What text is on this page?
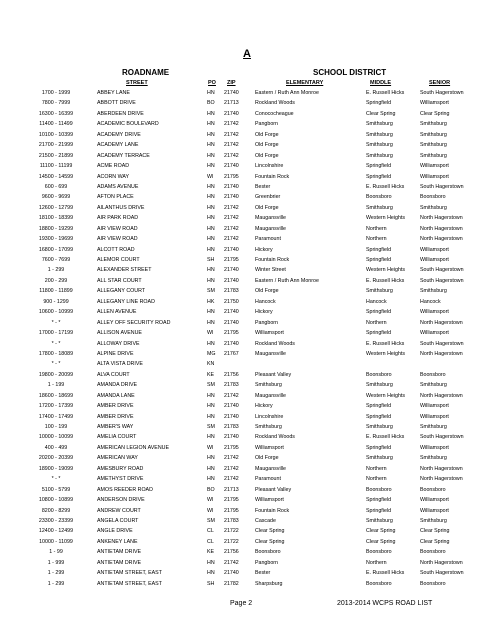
A
ROADNAME	SCHOOL DISTRICT
STREET	PO ZIP	ELEMENTARY	MIDDLE	SENIOR
1700 - 1999	ABBEY LANE	HN 21740	Eastern / Ruth Ann Monroe	E. Russell Hicks	South Hagerstown
7800 - 7999	ABBOTT DRIVE	BO 21713	Rockland Woods	Springfield	Williamsport
16300 - 16399	ABERDEEN DRIVE	HN 21740	Conococheague	Clear Spring	Clear Spring
11400 - 11499	ACADEMIC BOULEVARD	HN 21742	Pangborn	Smithsburg	Smithsburg
10100 - 10399	ACADEMY DRIVE	HN 21742	Old Forge	Smithsburg	Smithsburg
21700 - 21999	ACADEMY LANE	HN 21742	Old Forge	Smithsburg	Smithsburg
21500 - 21899	ACADEMY TERRACE	HN 21742	Old Forge	Smithsburg	Smithsburg
11100 - 11199	ACME ROAD	HN 21740	Lincolnshire	Springfield	Williamsport
14500 - 14599	ACORN WAY	WI 21795	Fountain Rock	Springfield	Williamsport
600 - 699	ADAMS AVENUE	HN 21740	Bester	E. Russell Hicks	South Hagerstown
9600 - 9699	AFTON PLACE	HN 21740	Greenbrier	Boonsboro	Boonsboro
12600 - 12799	AILANTHUS DRIVE	HN 21742	Old Forge	Smithsburg	Smithsburg
18100 - 18399	AIR PARK ROAD	HN 21742	Maugansville	Western Heights	North Hagerstown
18800 - 19299	AIR VIEW ROAD	HN 21742	Maugansville	Northern	North Hagerstown
19300 - 19699	AIR VIEW ROAD	HN 21742	Paramount	Northern	North Hagerstown
16800 - 17099	ALCOTT ROAD	HN 21740	Hickory	Springfield	Williamsport
7600 - 7699	ALEMOR COURT	SH 21795	Fountain Rock	Springfield	Williamsport
1 - 299	ALEXANDER STREET	HN 21740	Winter Street	Western Heights	South Hagerstown
200 - 299	ALL STAR COURT	HN 21740	Eastern / Ruth Ann Monroe	E. Russell Hicks	South Hagerstown
11800 - 11899	ALLEGANY COURT	SM 21783	Old Forge	Smithsburg	Smithsburg
900 - 1299	ALLEGANY LINE ROAD	HK 21750	Hancock	Hancock	Hancock
10600 - 10999	ALLEN AVENUE	HN 21740	Hickory	Springfield	Williamsport
* - *	ALLEY OFF SECURITY ROAD	HN 21740	Pangborn	Northern	North Hagerstown
17000 - 17199	ALLISON AVENUE	WI 21795	Williamsport	Springfield	Williamsport
* - *	ALLOWAY DRIVE	HN 21740	Rockland Woods	E. Russell Hicks	South Hagerstown
17800 - 18089	ALPINE DRIVE	MG 21767	Maugansville	Western Heights	North Hagerstown
* - *	ALTA VISTA DRIVE	KN
19800 - 20099	ALVA COURT	KE 21756	Pleasant Valley	Boonsboro	Boonsboro
1 - 199	AMANDA DRIVE	SM 21783	Smithsburg	Smithsburg	Smithsburg
18600 - 18699	AMANDA LANE	HN 21742	Maugansville	Western Heights	North Hagerstown
17200 - 17399	AMBER DRIVE	HN 21740	Hickory	Springfield	Williamsport
17400 - 17499	AMBER DRIVE	HN 21740	Lincolnshire	Springfield	Williamsport
100 - 199	AMBER'S WAY	SM 21783	Smithsburg	Smithsburg	Smithsburg
10000 - 10099	AMELIA COURT	HN 21740	Rockland Woods	E. Russell Hicks	South Hagerstown
400 - 499	AMERICAN LEGION AVENUE	WI 21795	Williamsport	Springfield	Williamsport
20200 - 20399	AMERICAN WAY	HN 21742	Old Forge	Smithsburg	Smithsburg
18900 - 19099	AMESBURY ROAD	HN 21742	Maugansville	Northern	North Hagerstown
* - *	AMETHYST DRIVE	HN 21742	Paramount	Northern	North Hagerstown
5100 - 5799	AMOS REEDER ROAD	BO 21713	Pleasant Valley	Boonsboro	Boonsboro
10800 - 10899	ANDERSON DRIVE	WI 21795	Williamsport	Springfield	Williamsport
8200 - 8299	ANDREW COURT	WI 21795	Fountain Rock	Springfield	Williamsport
23300 - 23399	ANGELA COURT	SM 21783	Cascade	Smithsburg	Smithsburg
12400 - 12499	ANGLE DRIVE	CL 21722	Clear Spring	Clear Spring	Clear Spring
10000 - 11099	ANKENEY LANE	CL 21722	Clear Spring	Clear Spring	Clear Spring
1 - 99	ANTIETAM DRIVE	KE 21756	Boonsboro	Boonsboro	Boonsboro
1 - 999	ANTIETAM DRIVE	HN 21742	Pangborn	Northern	North Hagerstown
1 - 299	ANTIETAM STREET, EAST	HN 21740	Bester	E. Russell Hicks	South Hagerstown
1 - 299	ANTIETAM STREET, EAST	SH 21782	Sharpsburg	Boonsboro	Boonsboro
Page 2	2013-2014 WCPS ROAD LIST
